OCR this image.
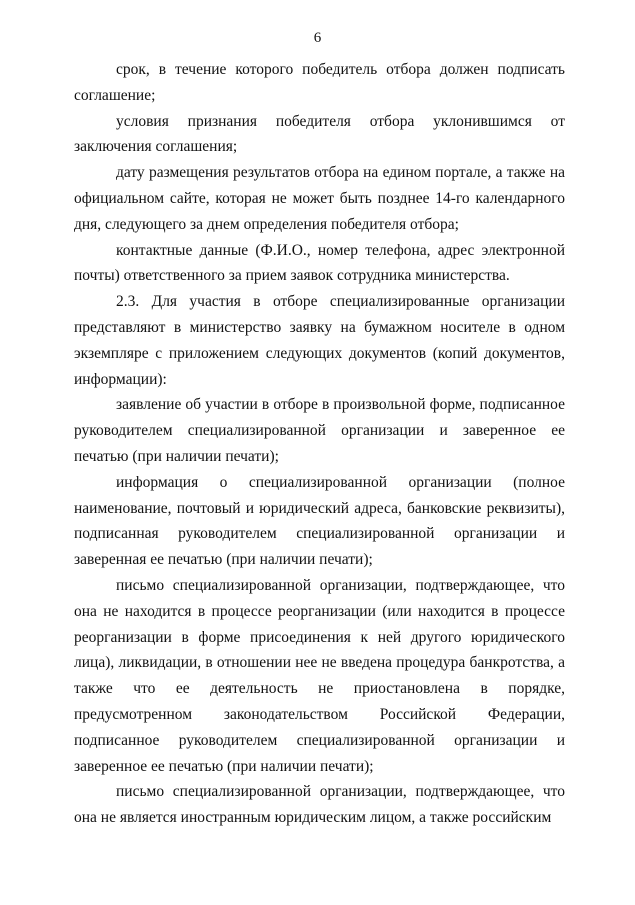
6

срок, в течение которого победитель отбора должен подписать соглашение;

условия признания победителя отбора уклонившимся от заключения соглашения;

дату размещения результатов отбора на едином портале, а также на официальном сайте, которая не может быть позднее 14-го календарного дня, следующего за днем определения победителя отбора;

контактные данные (Ф.И.О., номер телефона, адрес электронной почты) ответственного за прием заявок сотрудника министерства.

2.3. Для участия в отборе специализированные организации представляют в министерство заявку на бумажном носителе в одном экземпляре с приложением следующих документов (копий документов, информации):

заявление об участии в отборе в произвольной форме, подписанное руководителем специализированной организации и заверенное ее печатью (при наличии печати);

информация о специализированной организации (полное наименование, почтовый и юридический адреса, банковские реквизиты), подписанная руководителем специализированной организации и заверенная ее печатью (при наличии печати);

письмо специализированной организации, подтверждающее, что она не находится в процессе реорганизации (или находится в процессе реорганизации в форме присоединения к ней другого юридического лица), ликвидации, в отношении нее не введена процедура банкротства, а также что ее деятельность не приостановлена в порядке, предусмотренном законодательством Российской Федерации, подписанное руководителем специализированной организации и заверенное ее печатью (при наличии печати);

письмо специализированной организации, подтверждающее, что она не является иностранным юридическим лицом, а также российским
